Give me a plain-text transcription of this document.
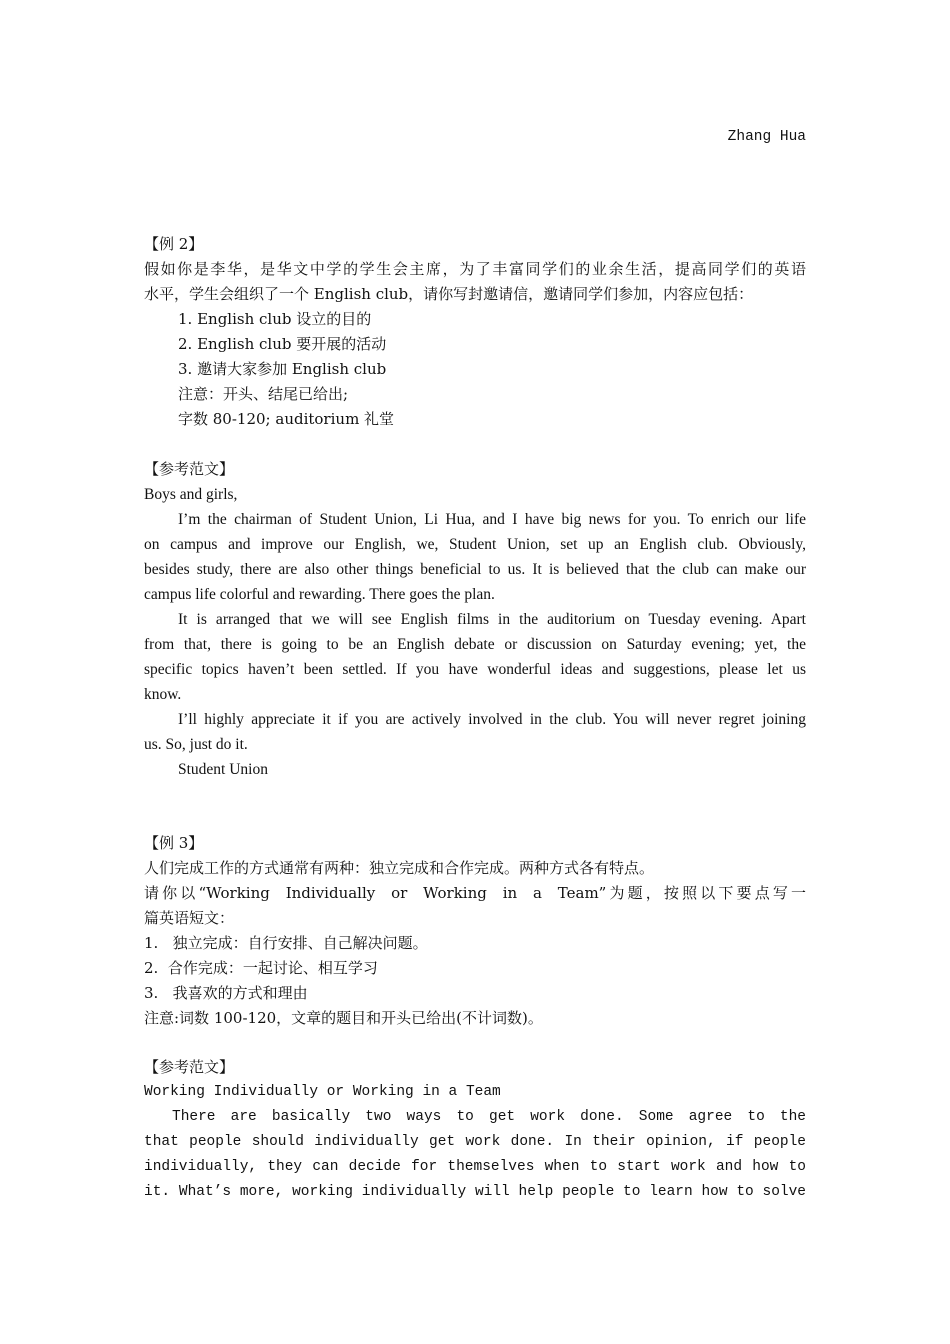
Zhang Hua
【例 2】
假如你是李华，是华文中学的学生会主席，为了丰富同学们的业余生活，提高同学们的英语
水平，学生会组织了一个 English club，请你写封邀请信，邀请同学们参加，内容应包括：
1. English club 设立的目的
2. English club 要开展的活动
3. 邀请大家参加 English club
注意：开头、结尾已给出;
字数 80-120; auditorium 礼堂
【参考范文】
Boys and girls,
I’m the chairman of Student Union, Li Hua, and I have big news for you. To enrich our life
on campus and improve our English, we, Student Union, set up an English club. Obviously,
besides study, there are also other things beneficial to us. It is believed that the club can make our
campus life colorful and rewarding. There goes the plan.
It is arranged that we will see English films in the auditorium on Tuesday evening. Apart
from that, there is going to be an English debate or discussion on Saturday evening; yet, the
specific topics haven’t been settled. If you have wonderful ideas and suggestions, please let us
know.
I’ll highly appreciate it if you are actively involved in the club. You will never regret joining
us. So, just do it.
Student Union
【例 3】
人们完成工作的方式通常有两种：独立完成和合作完成。两种方式各有特点。
请你以“Working  Individually  or  Working  in  a  Team”为题，按照以下要点写一
篇英语短文：
1.   独立完成：自行安排、自己解决问题。
2.  合作完成：一起讨论、相互学习
3.   我喜欢的方式和理由
注意:词数 100-120，文章的题目和开头已给出(不计词数)。
【参考范文】
Working Individually or Working in a Team
There are basically two ways to get work done. Some agree to the
that people should individually get work done. In their opinion, if people
individually, they can decide for themselves when to start work and how to
it. What’s more, working individually will help people to learn how to solve
